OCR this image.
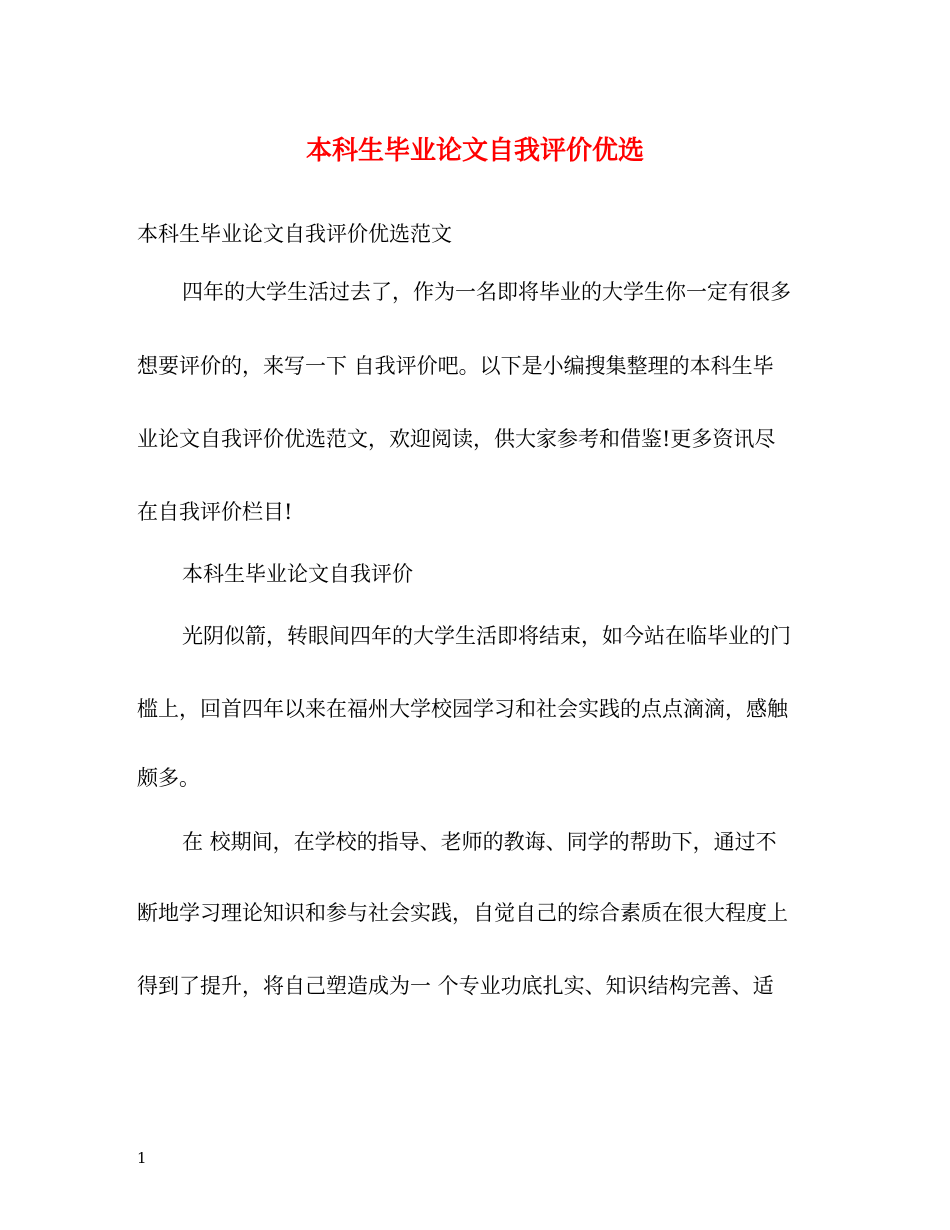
本科生毕业论文自我评价优选
本科生毕业论文自我评价优选范文
四年的大学生活过去了，作为一名即将毕业的大学生你一定有很多
想要评价的，来写一下 自我评价吧。以下是小编搜集整理的本科生毕
业论文自我评价优选范文，欢迎阅读，供大家参考和借鉴!更多资讯尽
在自我评价栏目!
本科生毕业论文自我评价
光阴似箭，转眼间四年的大学生活即将结束，如今站在临毕业的门
槛上，回首四年以来在福州大学校园学习和社会实践的点点滴滴，感触
颇多。
在 校期间，在学校的指导、老师的教诲、同学的帮助下，通过不
断地学习理论知识和参与社会实践，自觉自己的综合素质在很大程度上
得到了提升，将自己塑造成为一 个专业功底扎实、知识结构完善、适
1
